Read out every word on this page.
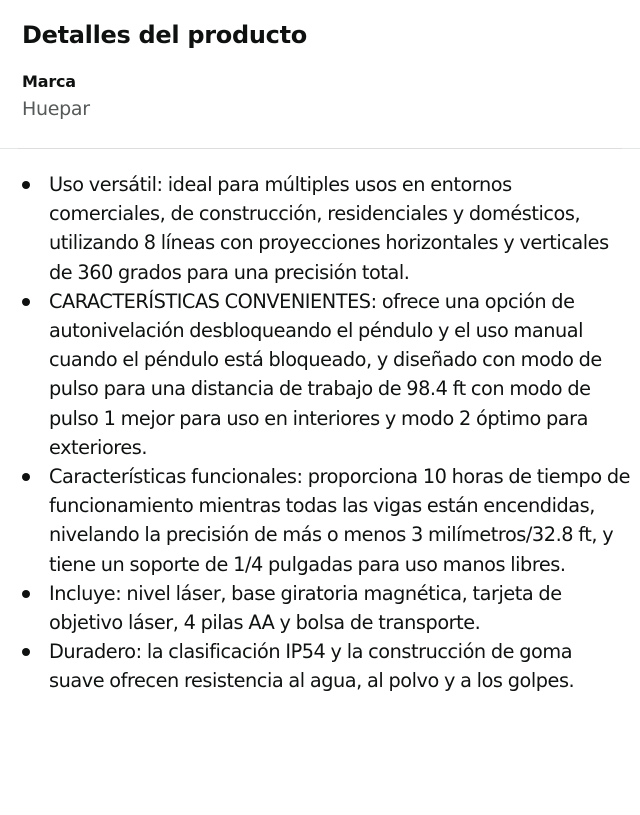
Detalles del producto
Marca
Huepar
Uso versátil: ideal para múltiples usos en entornos comerciales, de construcción, residenciales y domésticos, utilizando 8 líneas con proyecciones horizontales y verticales de 360 grados para una precisión total.
CARACTERÍSTICAS CONVENIENTES: ofrece una opción de autonivelación desbloqueando el péndulo y el uso manual cuando el péndulo está bloqueado, y diseñado con modo de pulso para una distancia de trabajo de 98.4 ft con modo de pulso 1 mejor para uso en interiores y modo 2 óptimo para exteriores.
Características funcionales: proporciona 10 horas de tiempo de funcionamiento mientras todas las vigas están encendidas, nivelando la precisión de más o menos 3 milímetros/32.8 ft, y tiene un soporte de 1/4 pulgadas para uso manos libres.
Incluye: nivel láser, base giratoria magnética, tarjeta de objetivo láser, 4 pilas AA y bolsa de transporte.
Duradero: la clasificación IP54 y la construcción de goma suave ofrecen resistencia al agua, al polvo y a los golpes.
